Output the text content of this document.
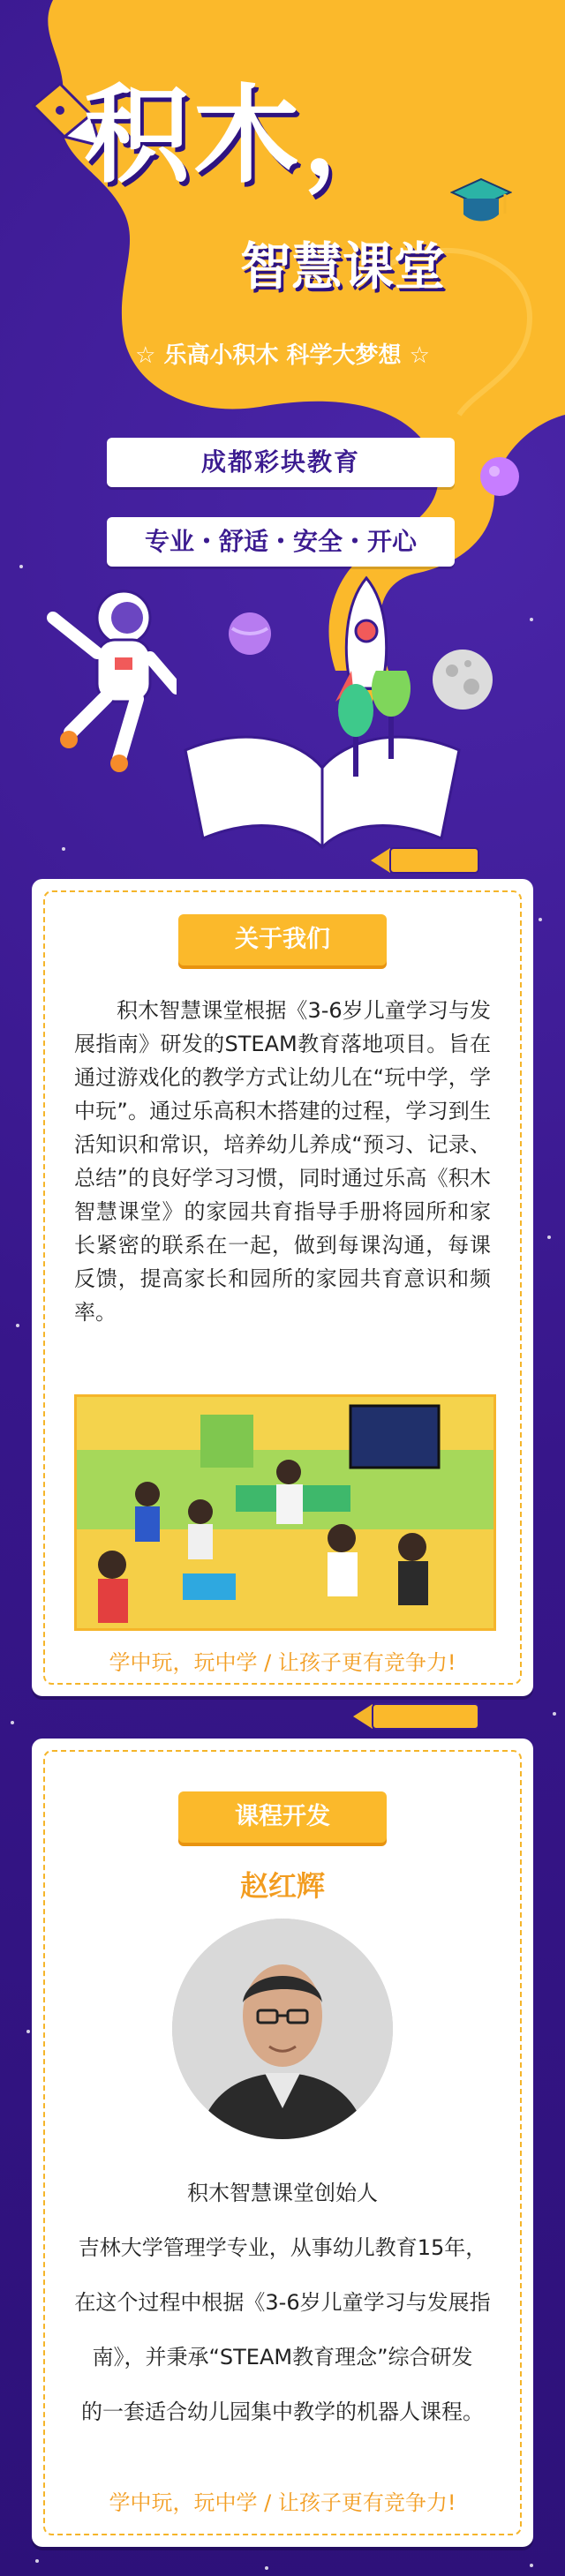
积木，
智慧课堂
☆ 乐高小积木 科学大梦想 ☆
成都彩块教育
专业・舒适・安全・开心
关于我们
积木智慧课堂根据《3-6岁儿童学习与发展指南》研发的STEAM教育落地项目。旨在通过游戏化的教学方式让幼儿在“玩中学，学中玩”。通过乐高积木搭建的过程，学习到生活知识和常识，培养幼儿养成“预习、记录、总结”的良好学习习惯，同时通过乐高《积木智慧课堂》的家园共育指导手册将园所和家长紧密的联系在一起，做到每课沟通，每课反馈，提高家长和园所的家园共育意识和频率。
学中玩，玩中学 / 让孩子更有竞争力!
课程开发
赵红辉
积木智慧课堂创始人
吉林大学管理学专业，从事幼儿教育15年，
在这个过程中根据《3-6岁儿童学习与发展指
南》，并秉承“STEAM教育理念”综合研发
的一套适合幼儿园集中教学的机器人课程。
学中玩，玩中学 / 让孩子更有竞争力!
